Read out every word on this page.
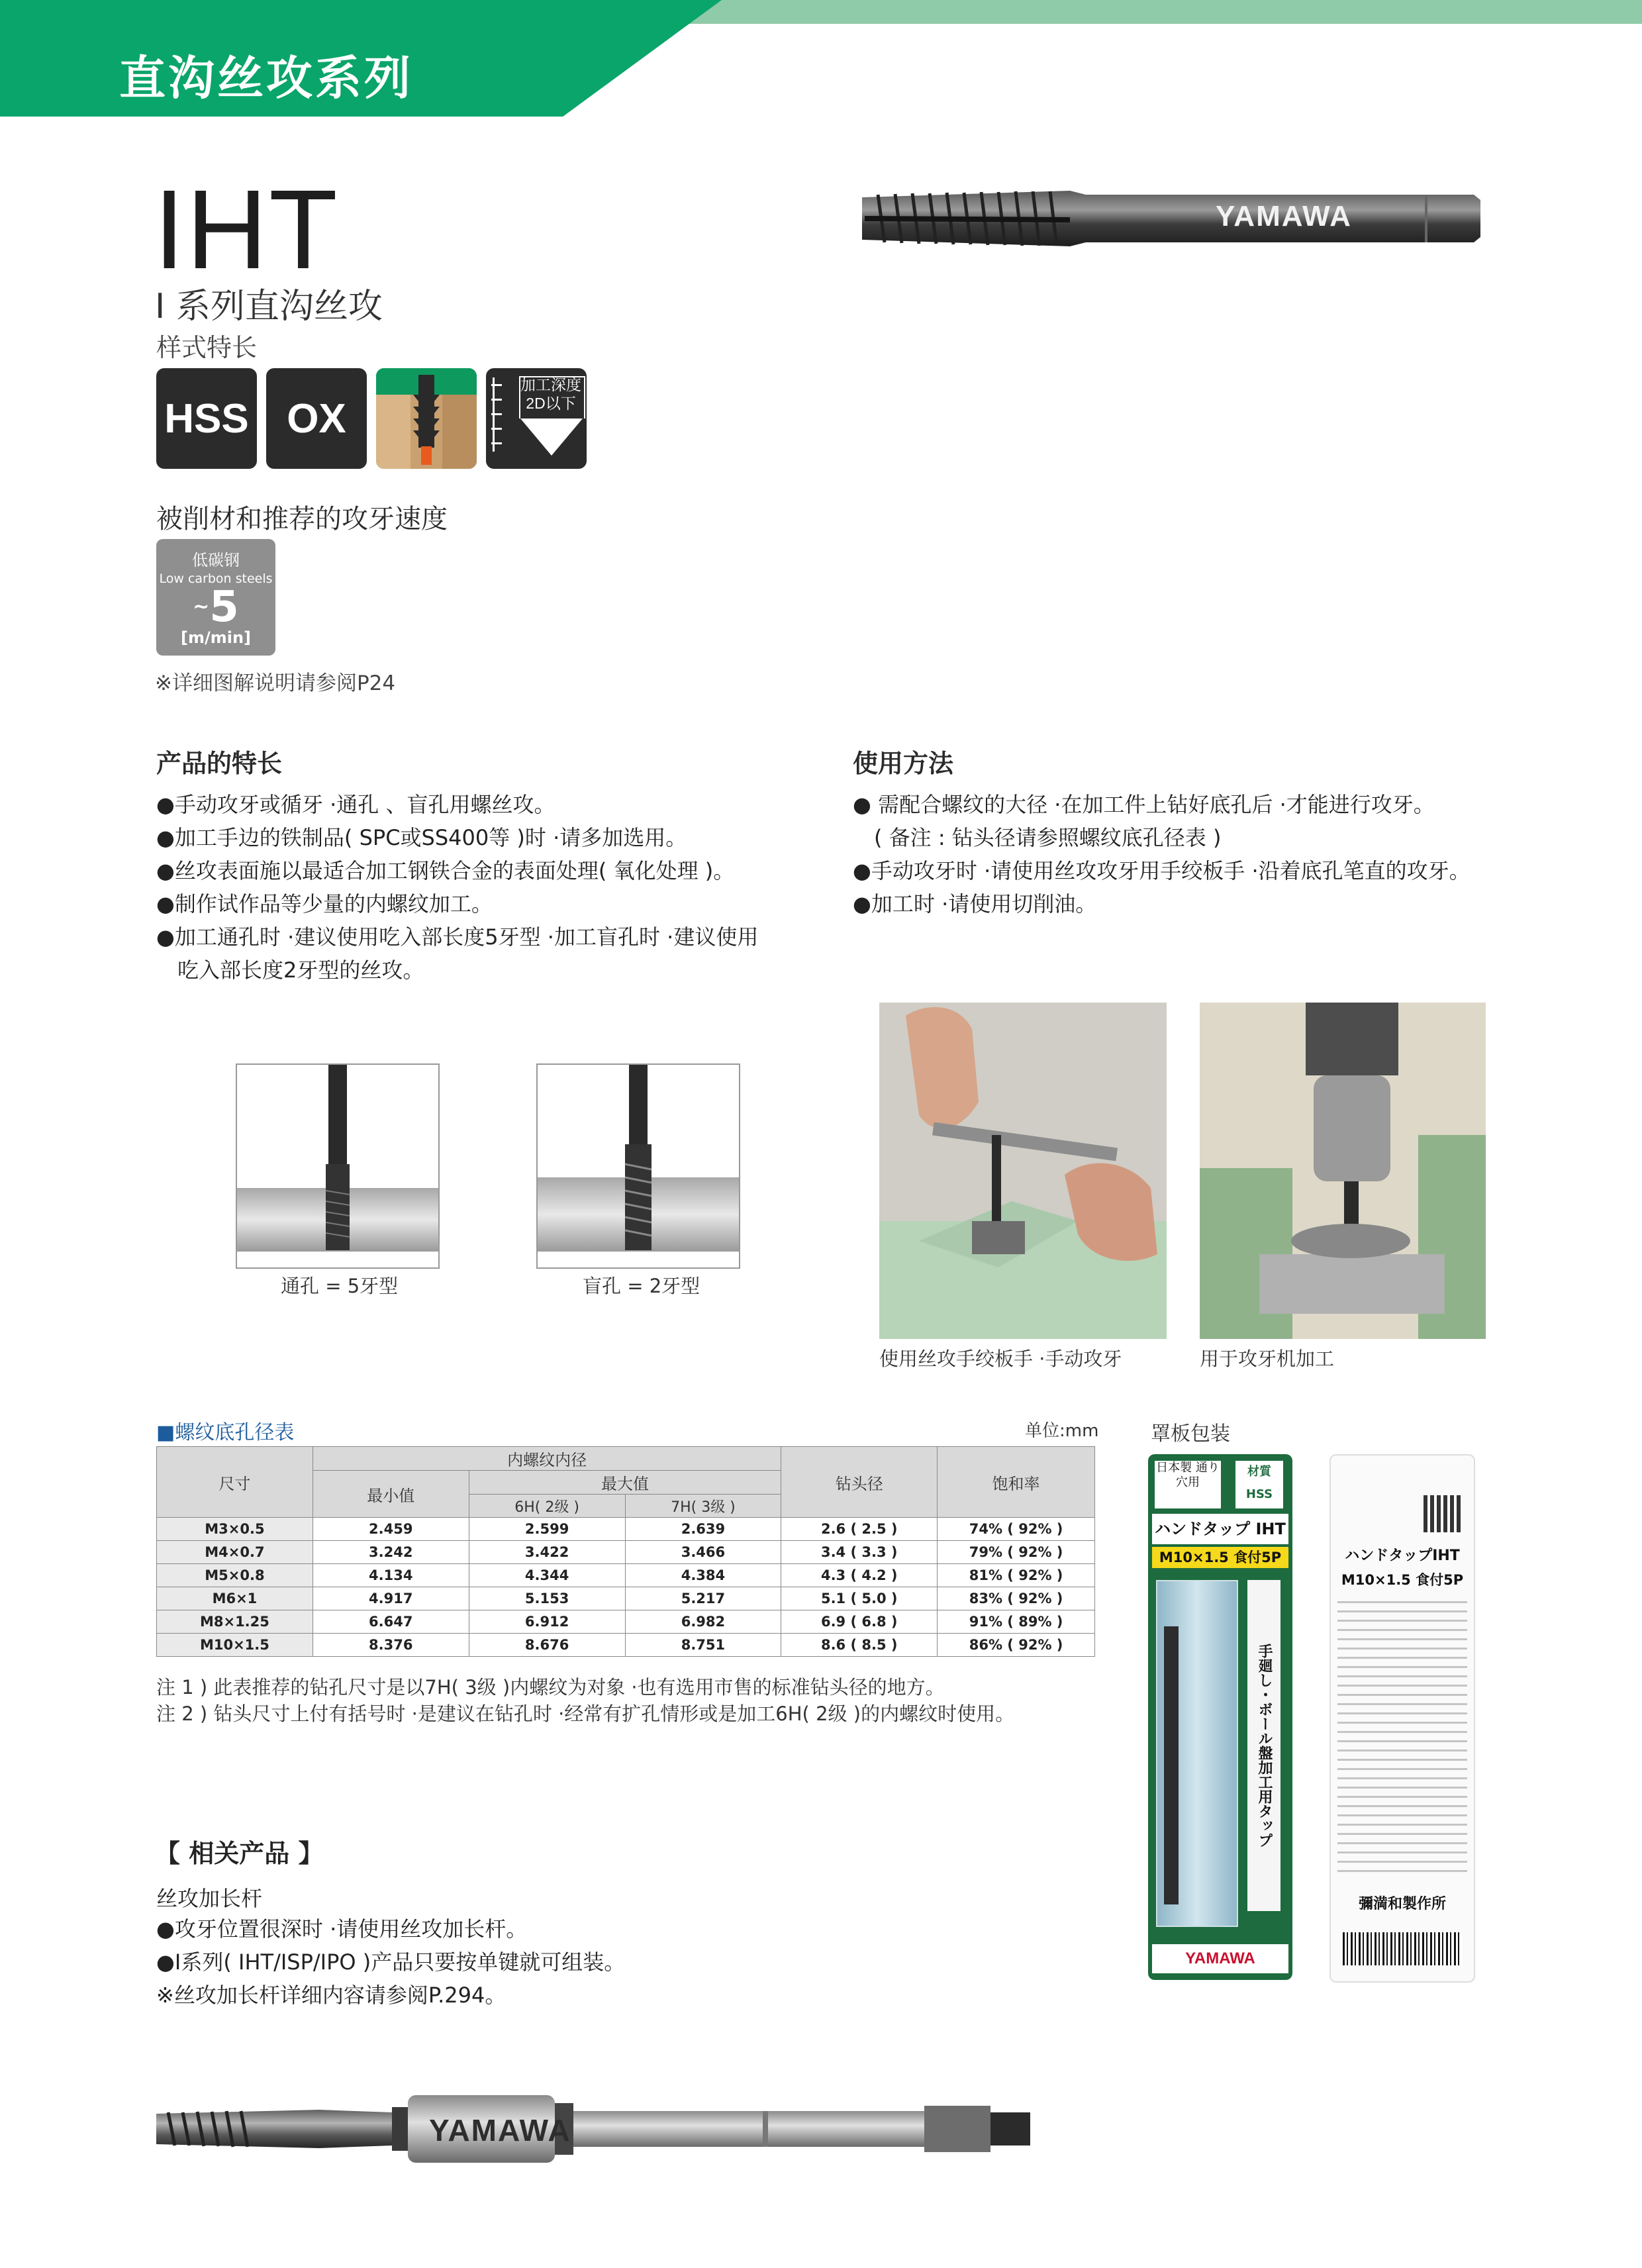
直沟丝攻系列
IHT
I 系列直沟丝攻
样式特长
HSS OX
加工深度
2D以下
YAMAWA
被削材和推荐的攻牙速度
低碳钢
Low carbon steels
~5
[m/min]
※详细图解说明请参阅P24
产品的特长
●手动攻牙或循牙 ·通孔 、盲孔用螺丝攻。
●加工手边的铁制品( SPC或SS400等 )时 ·请多加选用。
●丝攻表面施以最适合加工钢铁合金的表面处理( 氧化处理 )。
●制作试作品等少量的内螺纹加工。
●加工通孔时 ·建议使用吃入部长度5牙型 ·加工盲孔时 ·建议使用
　吃入部长度2牙型的丝攻。
使用方法
● 需配合螺纹的大径 ·在加工件上钻好底孔后 ·才能进行攻牙。
　( 备注 : 钻头径请参照螺纹底孔径表 )
●手动攻牙时 ·请使用丝攻攻牙用手绞板手 ·沿着底孔笔直的攻牙。
●加工时 ·请使用切削油。
通孔 = 5牙型	盲孔 = 2牙型
使用丝攻手绞板手 ·手动攻牙	用于攻牙机加工
■螺纹底孔径表	单位:mm
尺寸	内螺纹内径			钻头径	饱和率
	最小值	最大值			
		6H( 2级 )	7H( 3级 )		
M3×0.5	2.459	2.599	2.639	2.6 ( 2.5 )	74% ( 92% )
M4×0.7	3.242	3.422	3.466	3.4 ( 3.3 )	79% ( 92% )
M5×0.8	4.134	4.344	4.384	4.3 ( 4.2 )	81% ( 92% )
M6×1	4.917	5.153	5.217	5.1 ( 5.0 )	83% ( 92% )
M8×1.25	6.647	6.912	6.982	6.9 ( 6.8 )	91% ( 89% )
M10×1.5	8.376	8.676	8.751	8.6 ( 8.5 )	86% ( 92% )
注 1 ) 此表推荐的钻孔尺寸是以7H( 3级 )内螺纹为对象 ·也有选用市售的标准钻头径的地方。
注 2 ) 钻头尺寸上付有括号时 ·是建议在钻孔时 ·经常有扩孔情形或是加工6H( 2级 )的内螺纹时使用。
罩板包装
日本製 通り穴用
材質 HSS
ハンドタップ IHT
M10×1.5 食付5P
手廻し・ボール盤加工用タップ
YAMAWA
ハンドタップIHT
M10×1.5 食付5P
彌満和製作所
【 相关产品 】
丝攻加长杆
●攻牙位置很深时 ·请使用丝攻加长杆。
●I系列( IHT/ISP/IPO )产品只要按单键就可组装。
※丝攻加长杆详细内容请参阅P.294。
YAMAWA
